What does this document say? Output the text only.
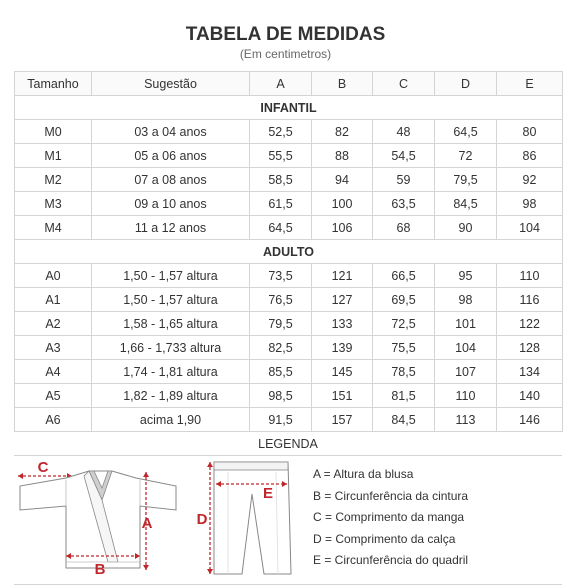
TABELA DE MEDIDAS
(Em centimetros)
Tamanho	Sugestão	A	B	C	D	E
INFANTIL						
M0	03 a 04 anos	52,5	82	48	64,5	80
M1	05 a 06 anos	55,5	88	54,5	72	86
M2	07 a 08 anos	58,5	94	59	79,5	92
M3	09 a 10 anos	61,5	100	63,5	84,5	98
M4	11 a 12 anos	64,5	106	68	90	104
ADULTO						
A0	1,50 - 1,57 altura	73,5	121	66,5	95	110
A1	1,50 - 1,57 altura	76,5	127	69,5	98	116
A2	1,58 - 1,65 altura	79,5	133	72,5	101	122
A3	1,66 - 1,733 altura	82,5	139	75,5	104	128
A4	1,74 - 1,81 altura	85,5	145	78,5	107	134
A5	1,82 - 1,89 altura	98,5	151	81,5	110	140
A6	acima 1,90	91,5	157	84,5	113	146
LEGENDA
C
A
B
E
D
A = Altura da blusa
B = Circunferência da cintura
C = Comprimento da manga
D = Comprimento da calça
E = Circunferência do quadril
